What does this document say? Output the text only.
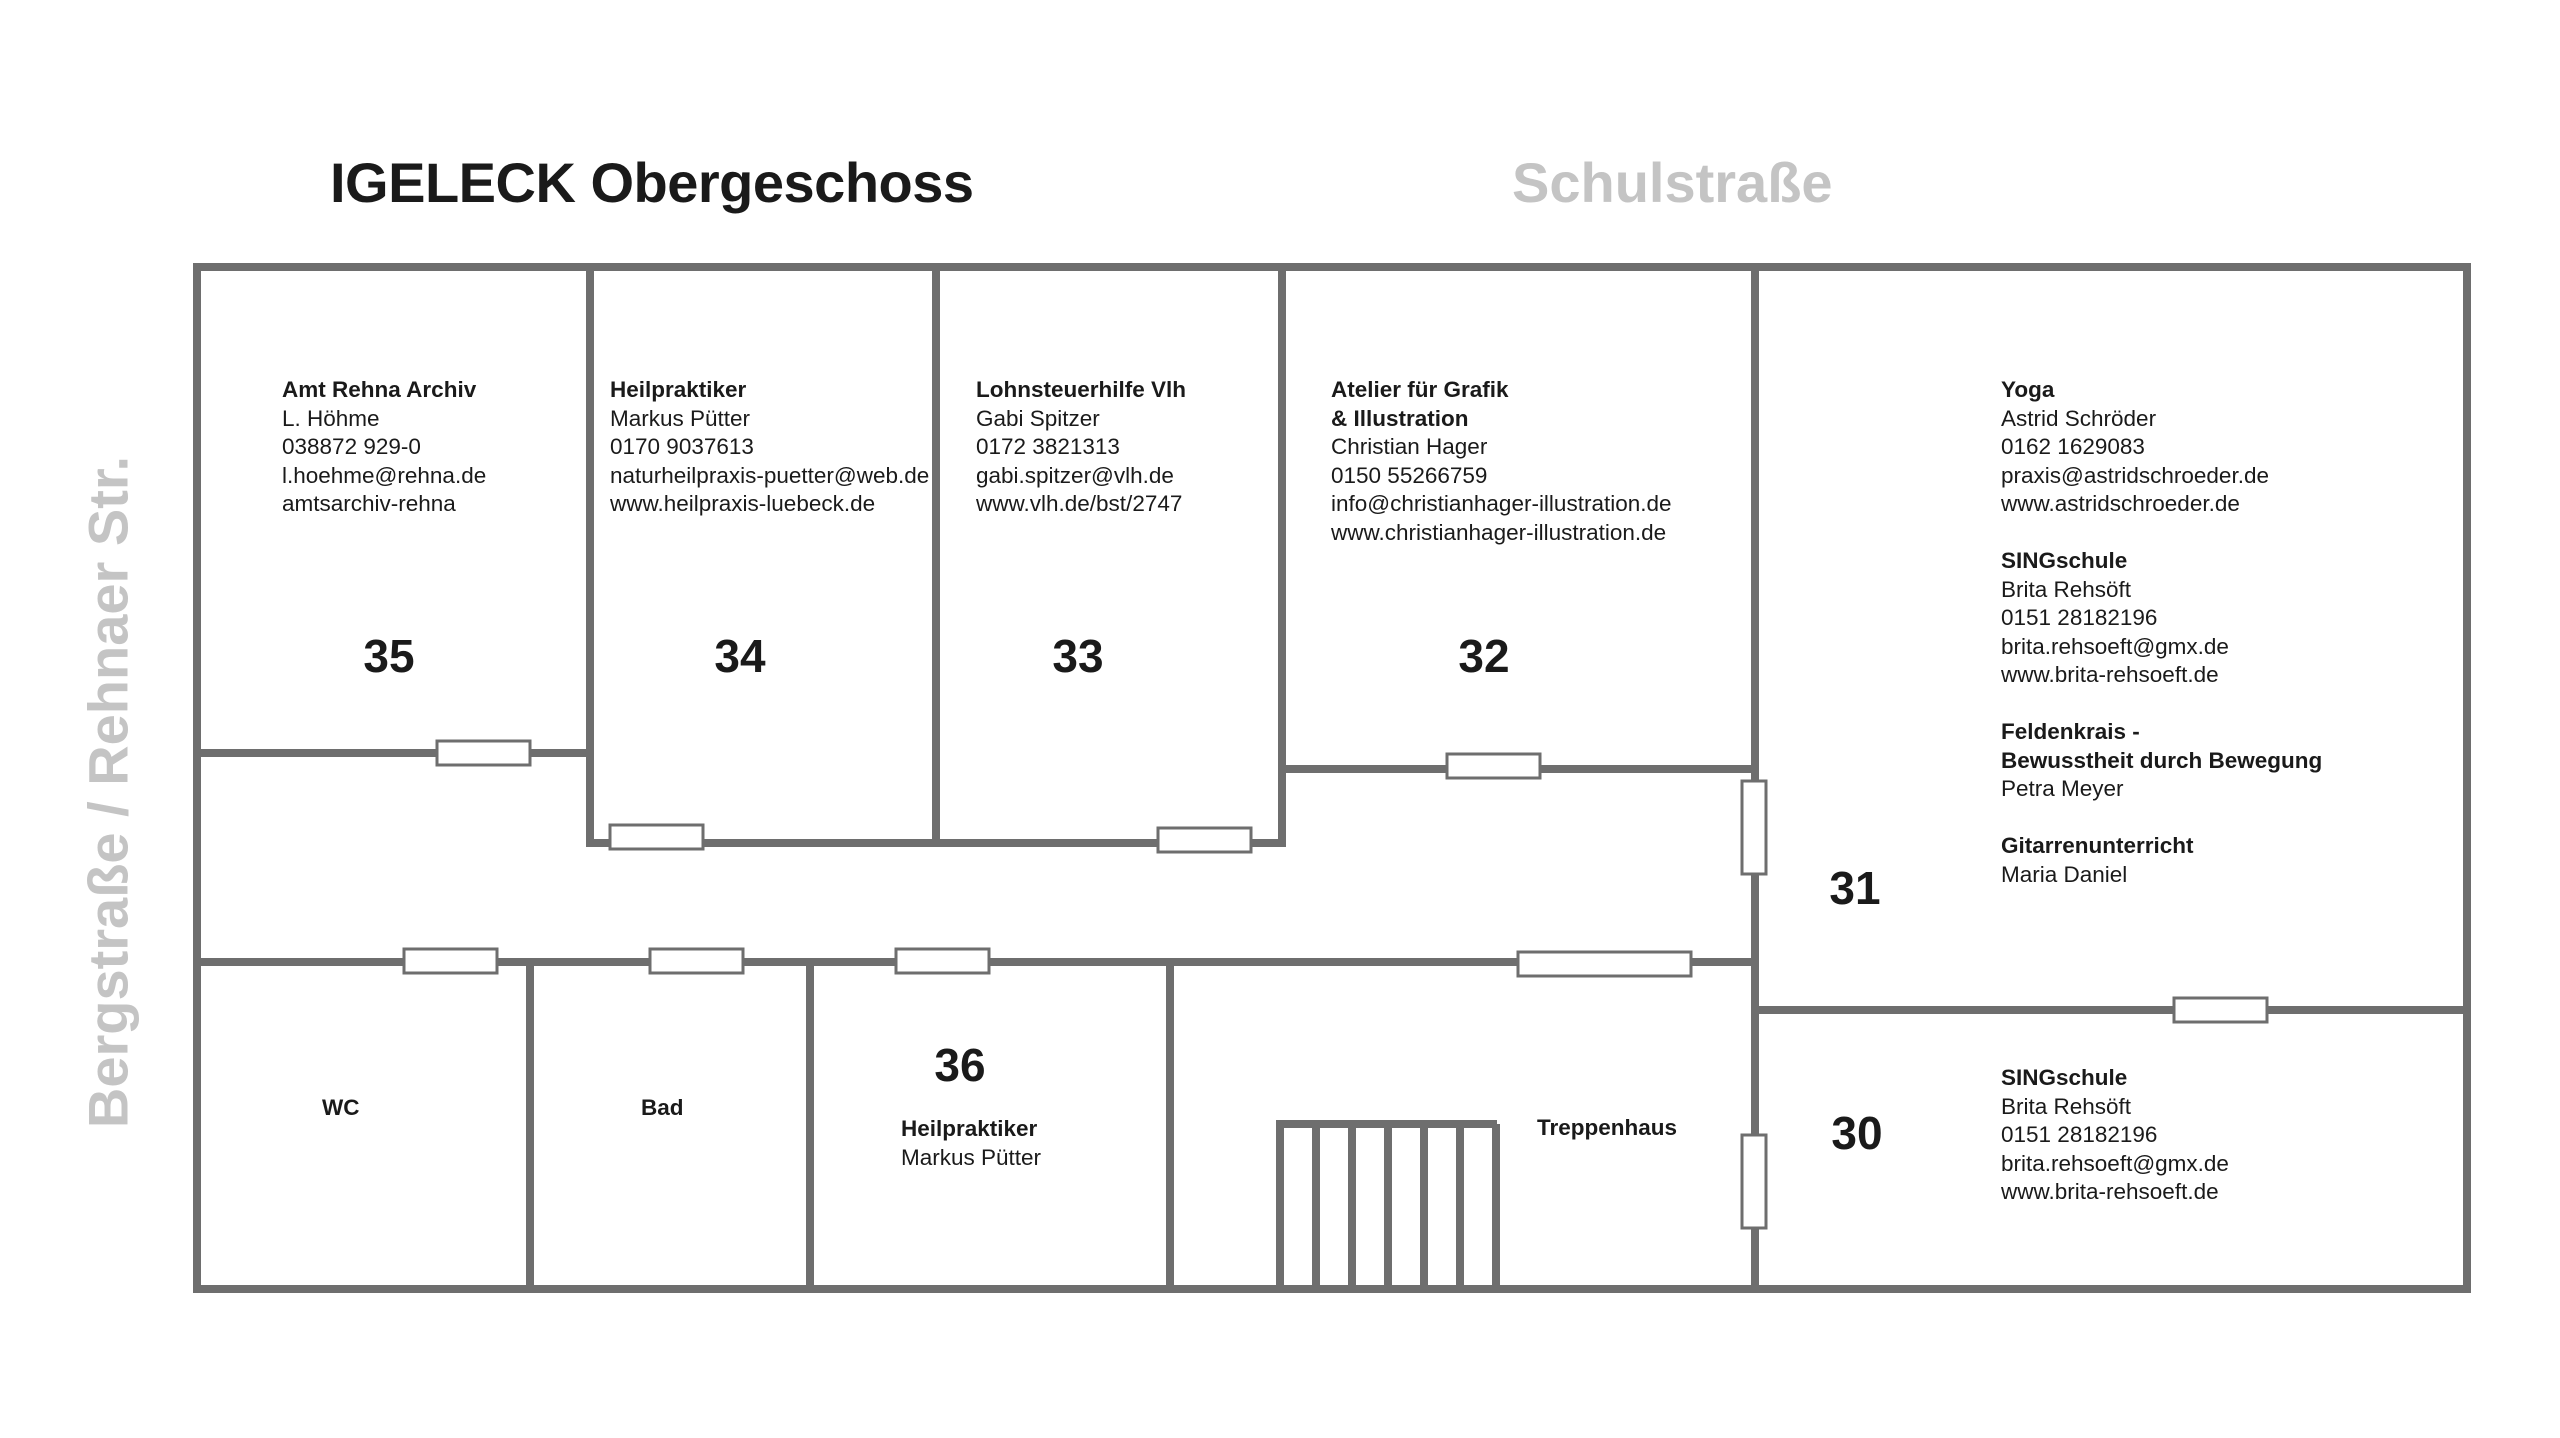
IGELECK Obergeschoss	Schulstraße
Bergstraße / Rehnaer Str.
Amt Rehna Archiv
L. Höhme
038872 929-0
l.hoehme@rehna.de
amtsarchiv-rehna
35
Heilpraktiker
Markus Pütter
0170 9037613
naturheilpraxis-puetter@web.de
www.heilpraxis-luebeck.de
34
Lohnsteuerhilfe Vlh
Gabi Spitzer
0172 3821313
gabi.spitzer@vlh.de
www.vlh.de/bst/2747
33
Atelier für Grafik
& Illustration
Christian Hager
0150 55266759
info@christianhager-illustration.de
www.christianhager-illustration.de
32
Yoga
Astrid Schröder
0162 1629083
praxis@astridschroeder.de
www.astridschroeder.de
SINGschule
Brita Rehsöft
0151 28182196
brita.rehsoeft@gmx.de
www.brita-rehsoeft.de
Feldenkrais -
Bewusstheit durch Bewegung
Petra Meyer
Gitarrenunterricht
Maria Daniel
31
SINGschule
Brita Rehsöft
0151 28182196
brita.rehsoeft@gmx.de
www.brita-rehsoeft.de
30
36
Heilpraktiker
Markus Pütter
WC	Bad
Treppenhaus
